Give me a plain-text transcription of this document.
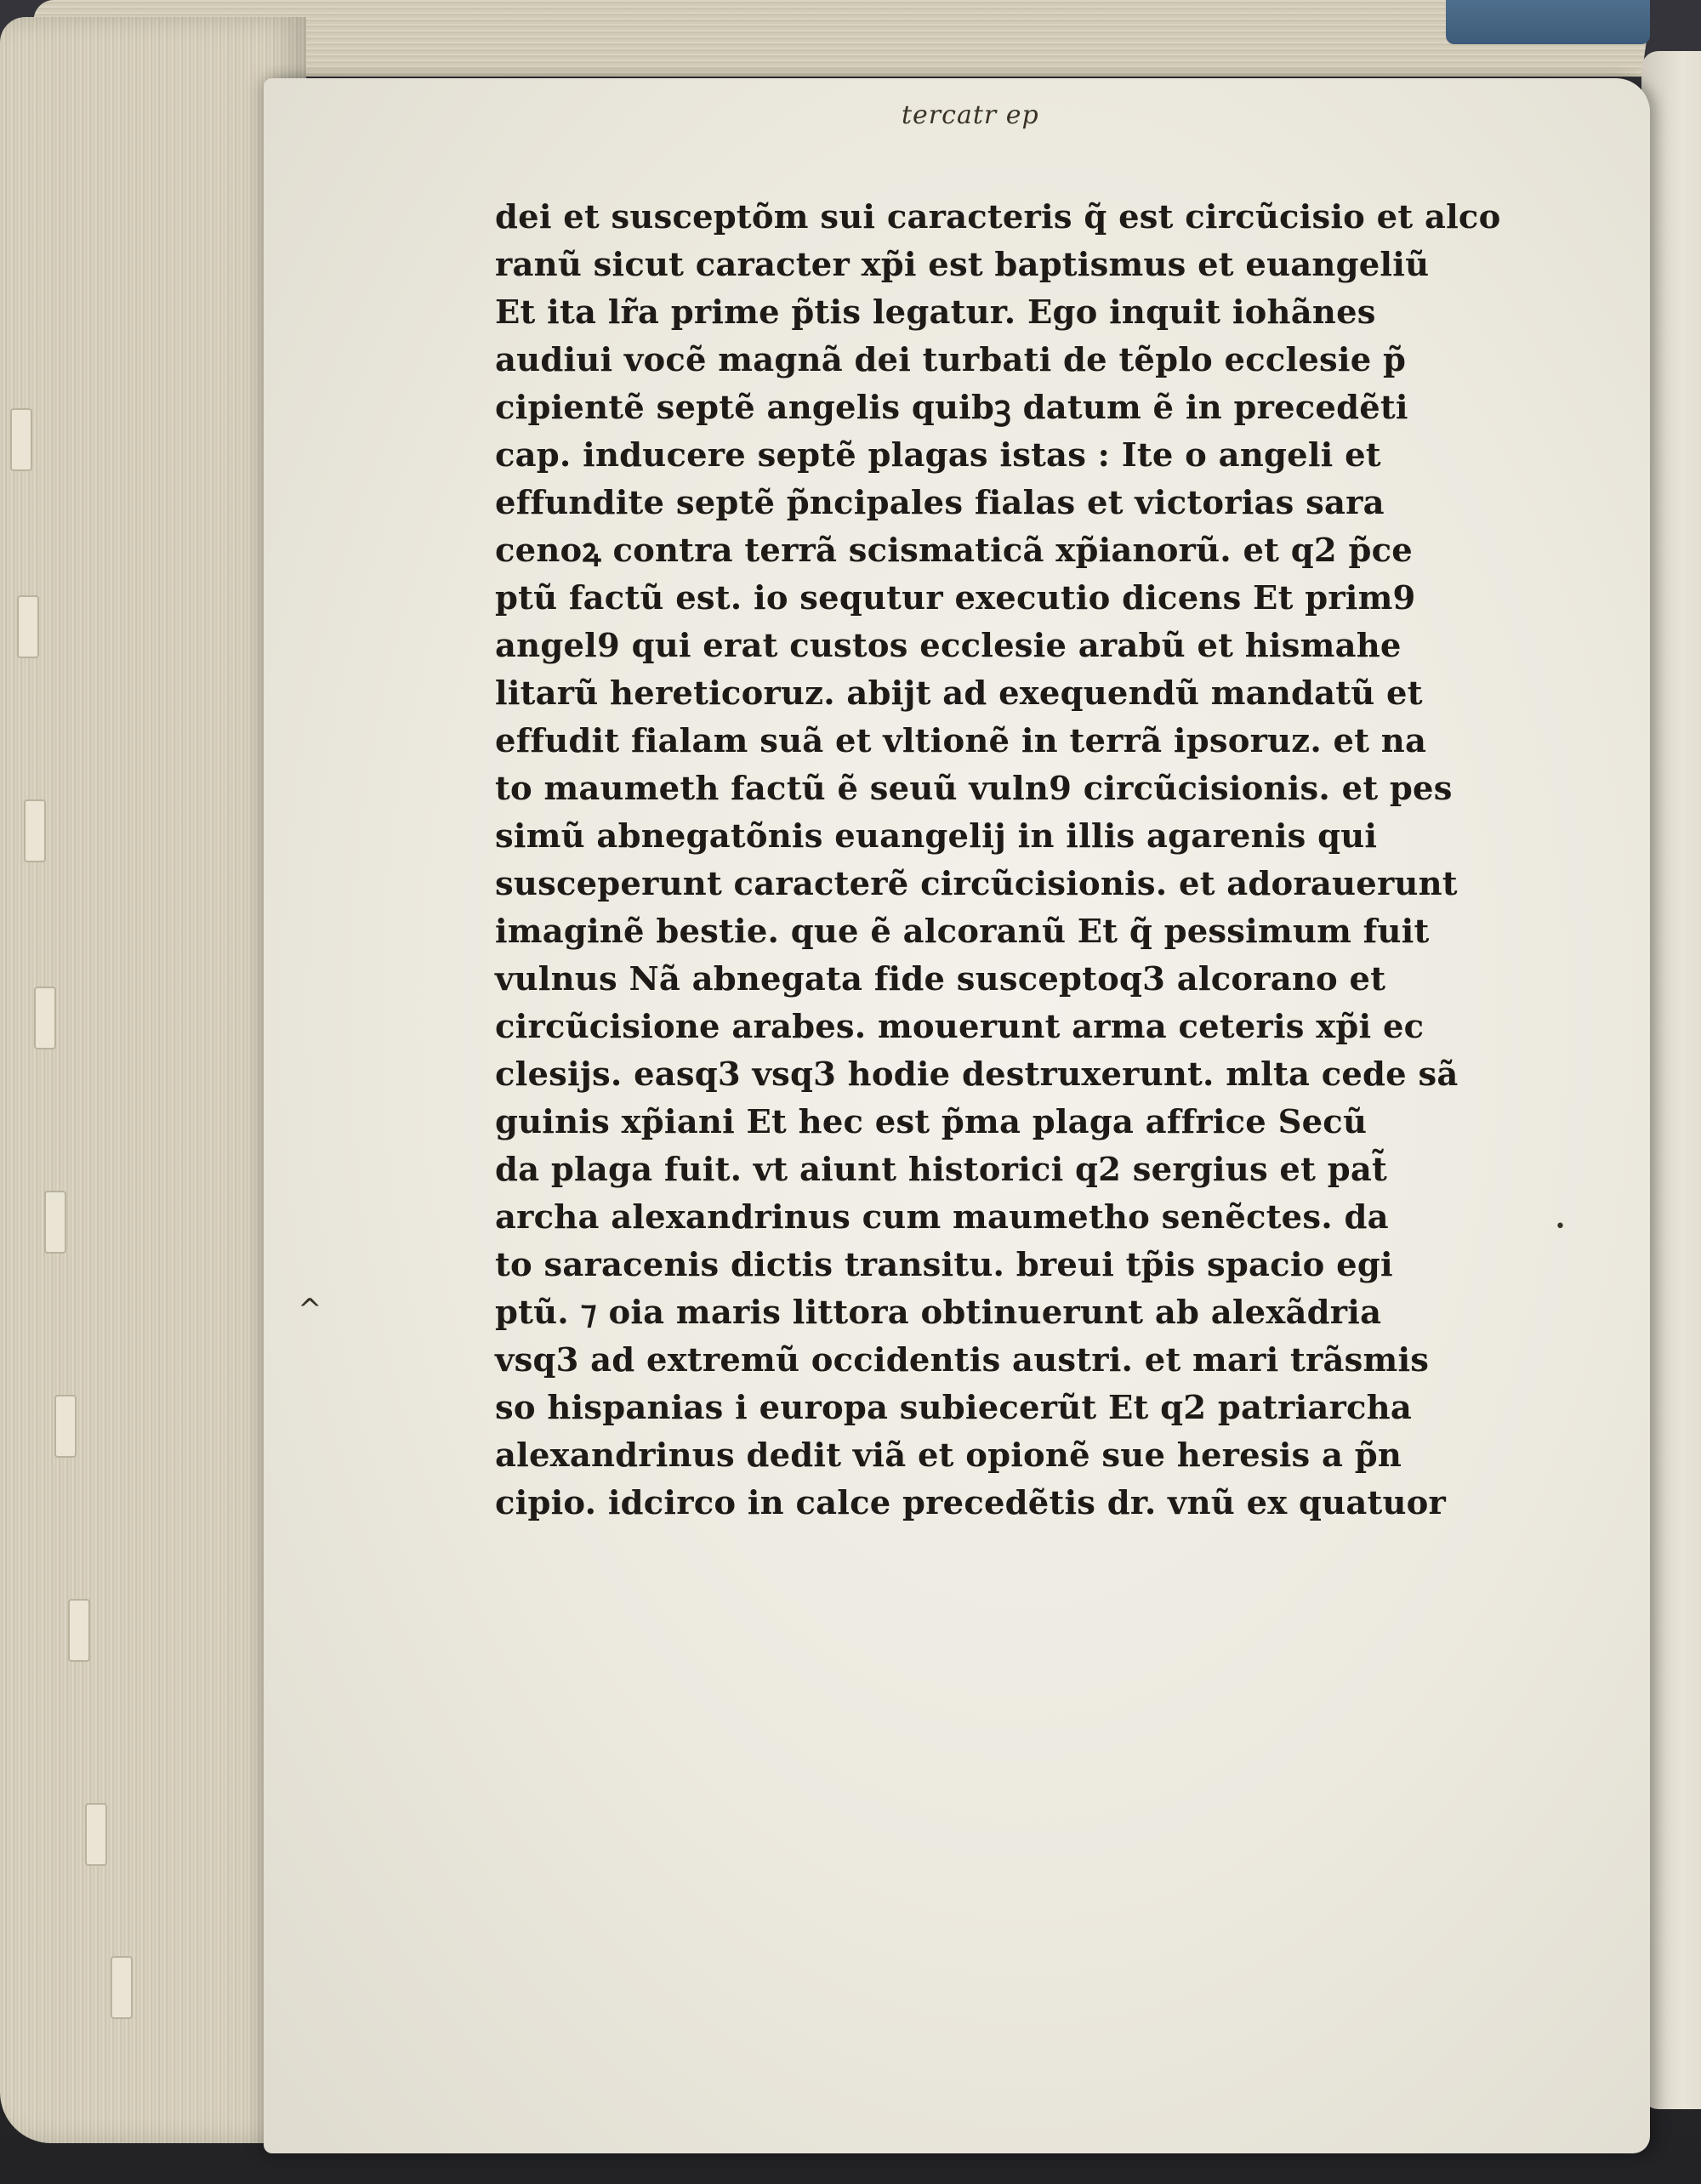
tercatr ep
^
•
dei et susceptõm sui caracteris q̃ est circũcisio et alco
ranũ sicut caracter xp̃i est baptismus et euangeliũ
Et ita lr̃a prime p̃tis legatur. Ego inquit iohãnes
audiui vocẽ magnã dei turbati de tẽplo ecclesie p̃
cipientẽ septẽ angelis quibꝫ datum ẽ in precedẽti
cap. inducere septẽ plagas istas : Ite o angeli et
effundite septẽ p̃ncipales fialas et victorias sara
cenoꝝ contra terrã scismaticã xp̃ianorũ. et q2 p̃ce
ptũ factũ est. io sequtur executio dicens Et prim9
angel9 qui erat custos ecclesie arabũ et hismahe
litarũ hereticoruz. abijt ad exequendũ mandatũ et
effudit fialam suã et vltionẽ in terrã ipsoruz. et na
to maumeth factũ ẽ seuũ vuln9 circũcisionis. et pes
simũ abnegatõnis euangelij in illis agarenis qui
susceperunt caracterẽ circũcisionis. et adorauerunt
imaginẽ bestie. que ẽ alcoranũ Et q̃ pessimum fuit
vulnus Nã abnegata fide susceptoq3 alcorano et
circũcisione arabes. mouerunt arma ceteris xp̃i ec
clesijs. easq3 vsq3 hodie destruxerunt. mlta cede sã
guinis xp̃iani Et hec est p̃ma plaga affrice Secũ
da plaga fuit. vt aiunt historici q2 sergius et pat̃
archa alexandrinus cum maumetho senẽctes. da
to saracenis dictis transitu. breui tp̃is spacio egi
ptũ. ⁊ oia maris littora obtinuerunt ab alexãdria
vsq3 ad extremũ occidentis austri. et mari trãsmis
so hispanias i europa subiecerũt Et q2 patriarcha
alexandrinus dedit viã et opionẽ sue heresis a p̃n
cipio. idcirco in calce precedẽtis dr. vnũ ex quatuor
